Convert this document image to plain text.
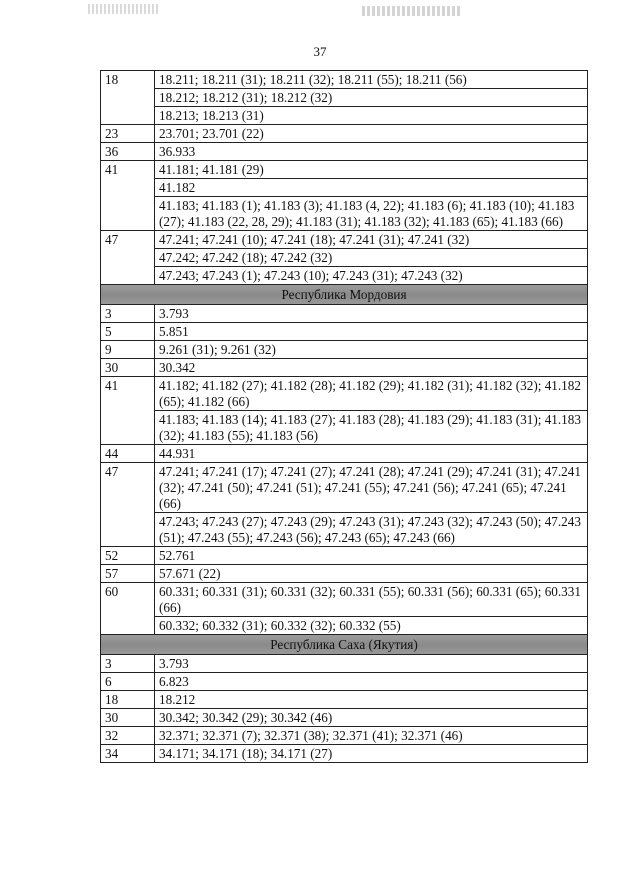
37
18	18.211; 18.211 (31); 18.211 (32); 18.211 (55); 18.211 (56)
	18.212; 18.212 (31); 18.212 (32)
	18.213; 18.213 (31)
23	23.701; 23.701 (22)
36	36.933
41	41.181; 41.181 (29)
	41.182
	41.183; 41.183 (1); 41.183 (3); 41.183 (4, 22); 41.183 (6); 41.183 (10); 41.183 (27); 41.183 (22, 28, 29); 41.183 (31); 41.183 (32); 41.183 (65); 41.183 (66)
47	47.241; 47.241 (10); 47.241 (18); 47.241 (31); 47.241 (32)
	47.242; 47.242 (18); 47.242 (32)
	47.243; 47.243 (1); 47.243 (10); 47.243 (31); 47.243 (32)
Республика Мордовия	
3	3.793
5	5.851
9	9.261 (31); 9.261 (32)
30	30.342
41	41.182; 41.182 (27); 41.182 (28); 41.182 (29); 41.182 (31); 41.182 (32); 41.182 (65); 41.182 (66)
	41.183; 41.183 (14); 41.183 (27); 41.183 (28); 41.183 (29); 41.183 (31); 41.183 (32); 41.183 (55); 41.183 (56)
44	44.931
47	47.241; 47.241 (17); 47.241 (27); 47.241 (28); 47.241 (29); 47.241 (31); 47.241 (32); 47.241 (50); 47.241 (51); 47.241 (55); 47.241 (56); 47.241 (65); 47.241 (66)
	47.243; 47.243 (27); 47.243 (29); 47.243 (31); 47.243 (32); 47.243 (50); 47.243 (51); 47.243 (55); 47.243 (56); 47.243 (65); 47.243 (66)
52	52.761
57	57.671 (22)
60	60.331; 60.331 (31); 60.331 (32); 60.331 (55); 60.331 (56); 60.331 (65); 60.331 (66)
	60.332; 60.332 (31); 60.332 (32); 60.332 (55)
Республика Саха (Якутия)	
3	3.793
6	6.823
18	18.212
30	30.342; 30.342 (29); 30.342 (46)
32	32.371; 32.371 (7); 32.371 (38); 32.371 (41); 32.371 (46)
34	34.171; 34.171 (18); 34.171 (27)
